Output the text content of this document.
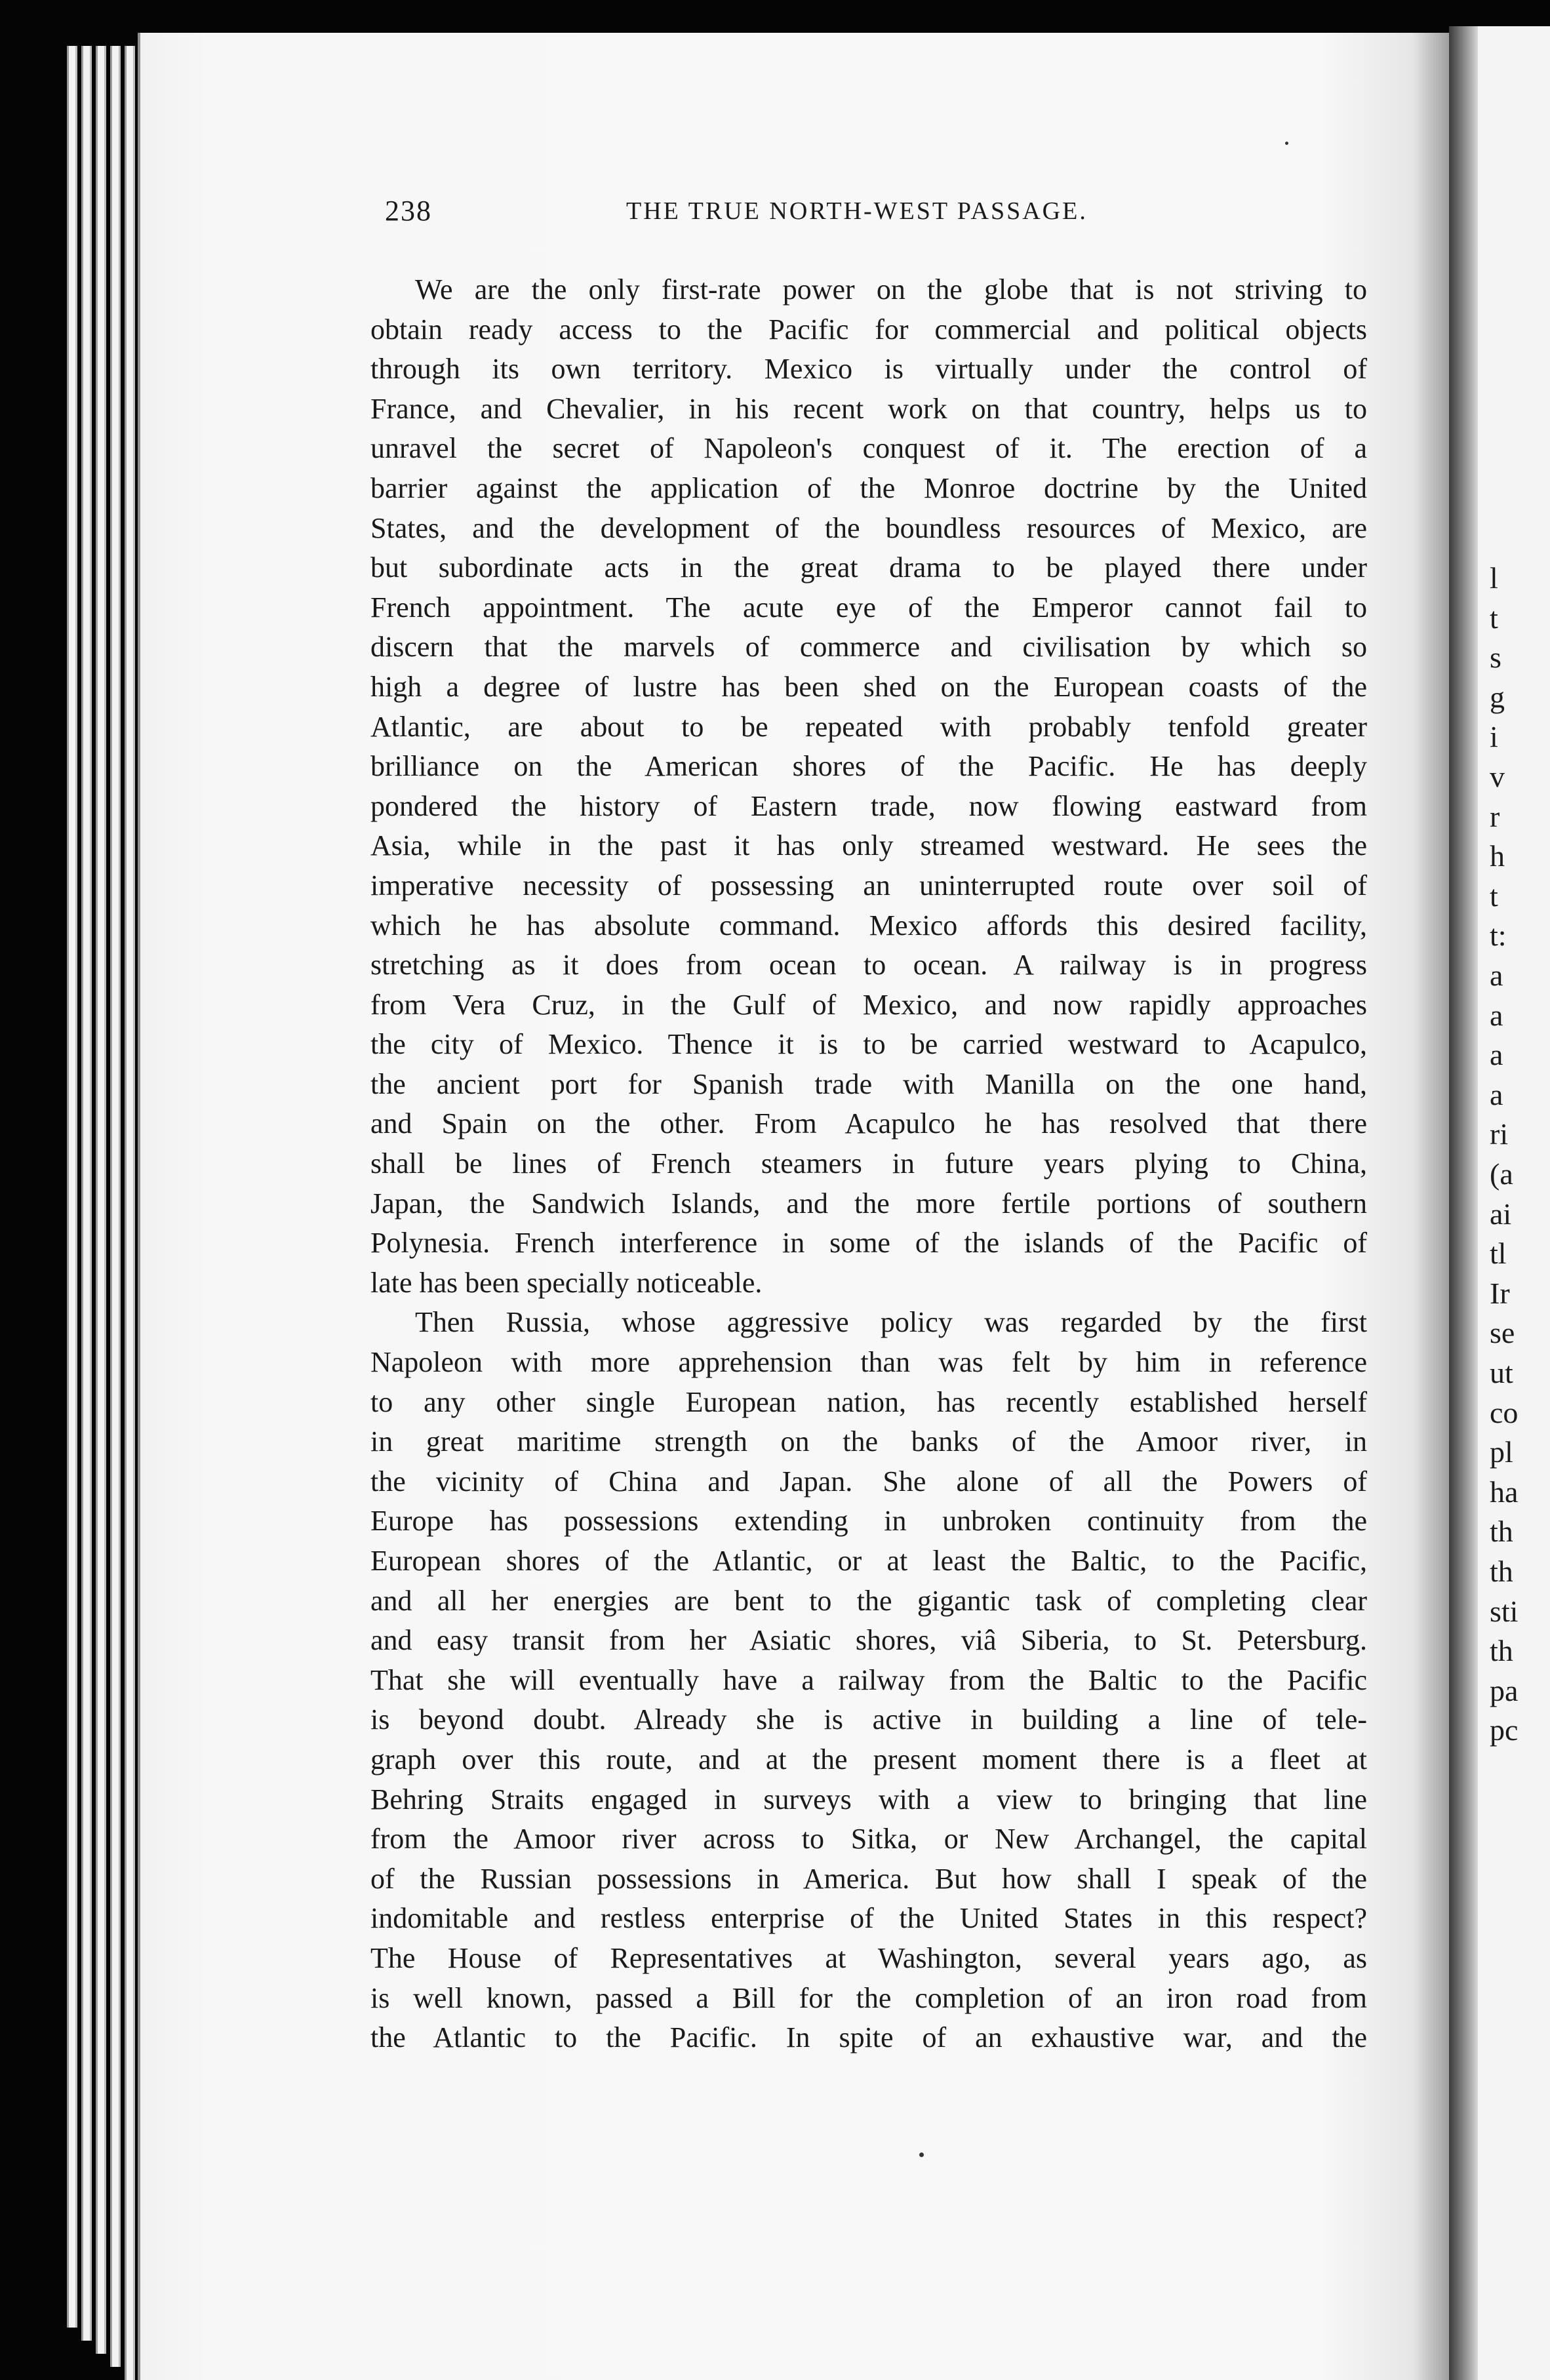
l
t
s
g
i
v
r
h
t
t:
a
a
a
a
ri
(a
ai
tl
Ir
se
ut
co
pl
ha
th
th
sti
th
pa
pc
238	THE TRUE NORTH-WEST PASSAGE.
We are the only first-rate power on the globe that is not striving to
obtain ready access to the Pacific for commercial and political objects
through its own territory. Mexico is virtually under the control of
France, and Chevalier, in his recent work on that country, helps us to
unravel the secret of Napoleon's conquest of it. The erection of a
barrier against the application of the Monroe doctrine by the United
States, and the development of the boundless resources of Mexico, are
but subordinate acts in the great drama to be played there under
French appointment. The acute eye of the Emperor cannot fail to
discern that the marvels of commerce and civilisation by which so
high a degree of lustre has been shed on the European coasts of the
Atlantic, are about to be repeated with probably tenfold greater
brilliance on the American shores of the Pacific. He has deeply
pondered the history of Eastern trade, now flowing eastward from
Asia, while in the past it has only streamed westward. He sees the
imperative necessity of possessing an uninterrupted route over soil of
which he has absolute command. Mexico affords this desired facility,
stretching as it does from ocean to ocean. A railway is in progress
from Vera Cruz, in the Gulf of Mexico, and now rapidly approaches
the city of Mexico. Thence it is to be carried westward to Acapulco,
the ancient port for Spanish trade with Manilla on the one hand,
and Spain on the other. From Acapulco he has resolved that there
shall be lines of French steamers in future years plying to China,
Japan, the Sandwich Islands, and the more fertile portions of southern
Polynesia. French interference in some of the islands of the Pacific of
late has been specially noticeable.
Then Russia, whose aggressive policy was regarded by the first
Napoleon with more apprehension than was felt by him in reference
to any other single European nation, has recently established herself
in great maritime strength on the banks of the Amoor river, in
the vicinity of China and Japan. She alone of all the Powers of
Europe has possessions extending in unbroken continuity from the
European shores of the Atlantic, or at least the Baltic, to the Pacific,
and all her energies are bent to the gigantic task of completing clear
and easy transit from her Asiatic shores, viâ Siberia, to St. Petersburg.
That she will eventually have a railway from the Baltic to the Pacific
is beyond doubt. Already she is active in building a line of tele-
graph over this route, and at the present moment there is a fleet at
Behring Straits engaged in surveys with a view to bringing that line
from the Amoor river across to Sitka, or New Archangel, the capital
of the Russian possessions in America. But how shall I speak of the
indomitable and restless enterprise of the United States in this respect?
The House of Representatives at Washington, several years ago, as
is well known, passed a Bill for the completion of an iron road from
the Atlantic to the Pacific. In spite of an exhaustive war, and the
